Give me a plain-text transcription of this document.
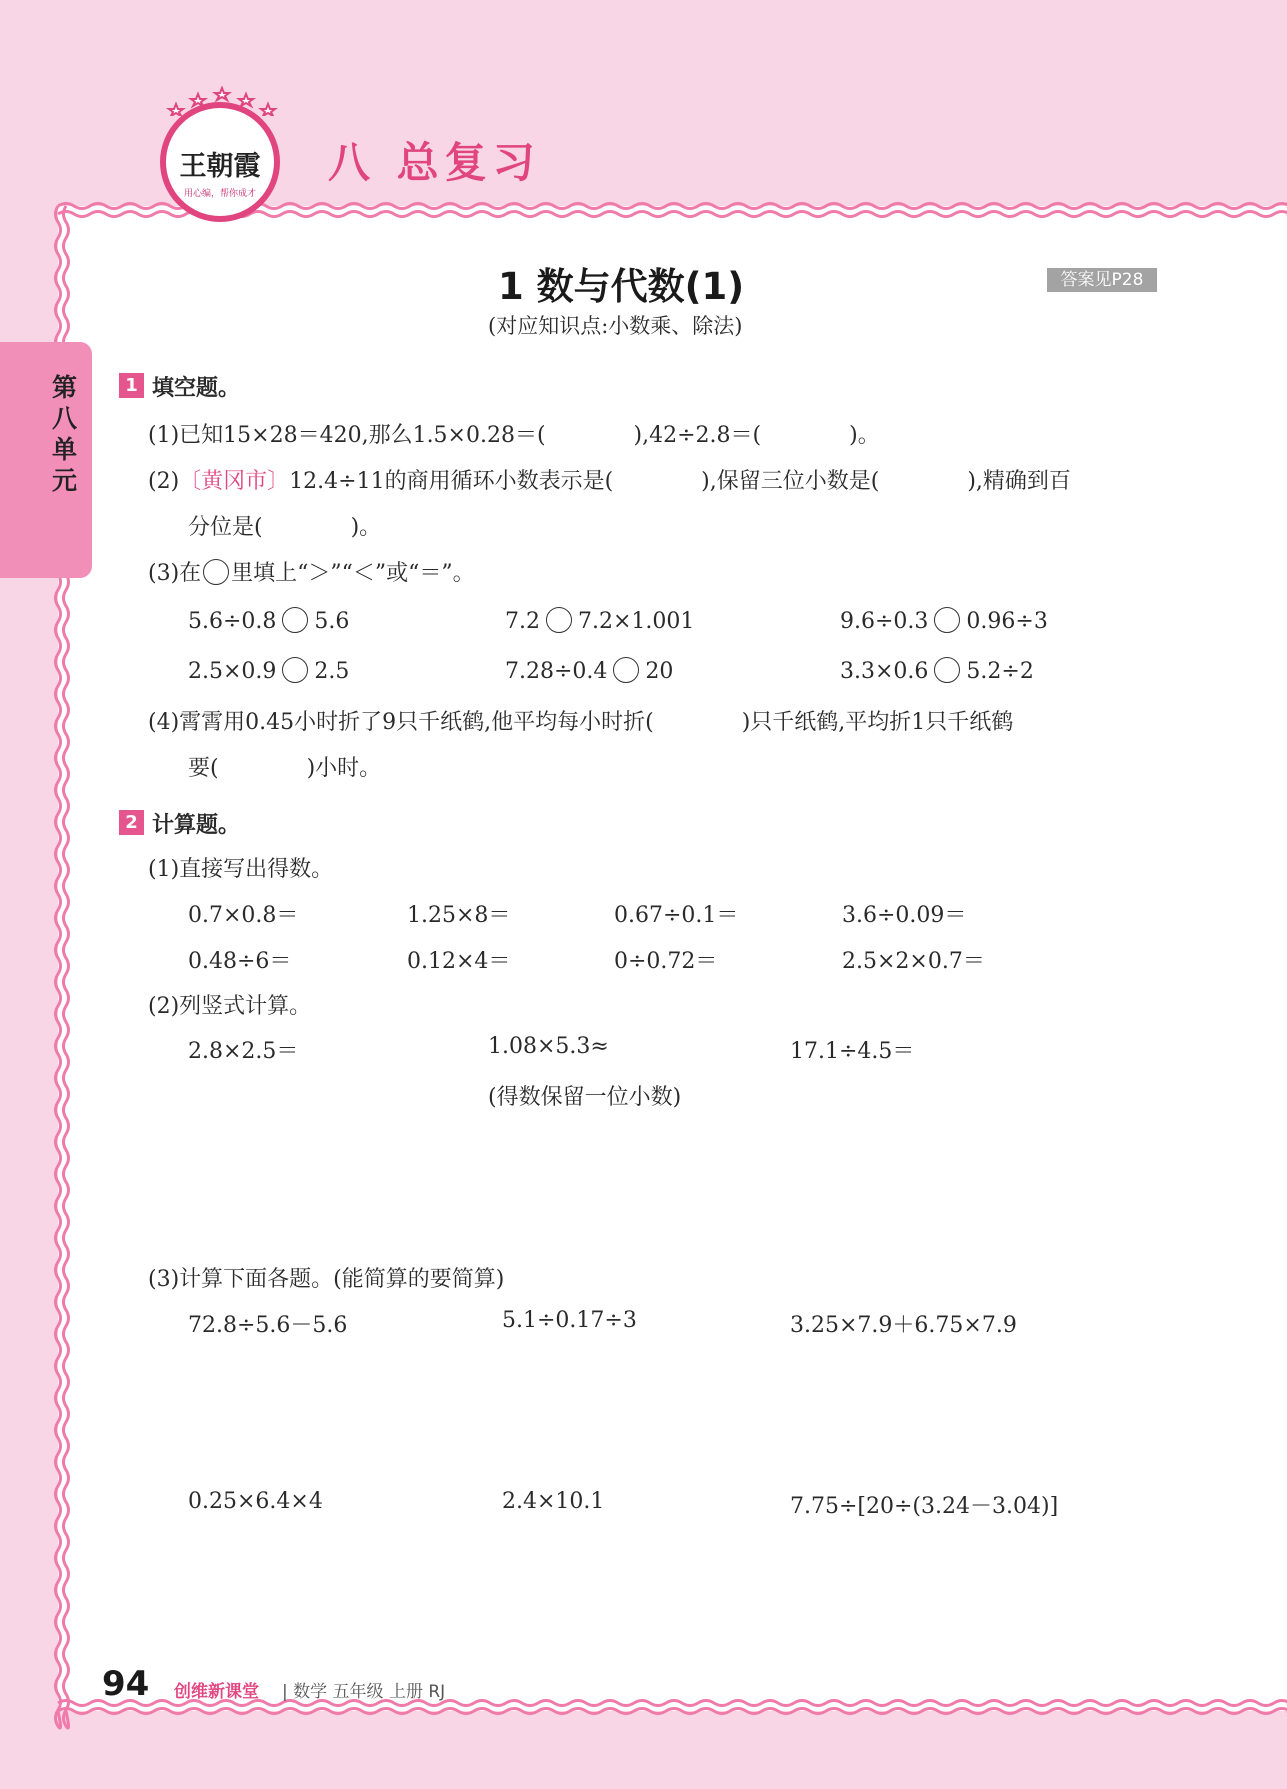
王朝霞
用心编，帮你成才
八 总复习
第八单元
1 数与代数(1)	答案见P28
(对应知识点:小数乘、除法)
1 填空题。
(1)已知15×28＝420,那么1.5×0.28＝(　　　　),42÷2.8＝(　　　　)。
(2)〔黄冈市〕12.4÷11的商用循环小数表示是(　　　　),保留三位小数是(　　　　),精确到百
分位是(　　　　)。
(3)在 里填上“＞”“＜”或“＝”。
5.6÷0.8 5.6	7.2 7.2×1.001	9.6÷0.3 0.96÷3
2.5×0.9 2.5	7.28÷0.4 20	3.3×0.6 5.2÷2
(4)霄霄用0.45小时折了9只千纸鹤,他平均每小时折(　　　　)只千纸鹤,平均折1只千纸鹤
要(　　　　)小时。
2 计算题。
(1)直接写出得数。
0.7×0.8＝	1.25×8＝	0.67÷0.1＝	3.6÷0.09＝
0.48÷6＝	0.12×4＝	0÷0.72＝	2.5×2×0.7＝
(2)列竖式计算。
2.8×2.5＝	1.08×5.3≈	17.1÷4.5＝
(得数保留一位小数)
(3)计算下面各题。(能简算的要简算)
72.8÷5.6－5.6	5.1÷0.17÷3	3.25×7.9＋6.75×7.9
0.25×6.4×4	2.4×10.1	7.75÷[20÷(3.24－3.04)]
94 创维新课堂 | 数学 五年级 上册 RJ
